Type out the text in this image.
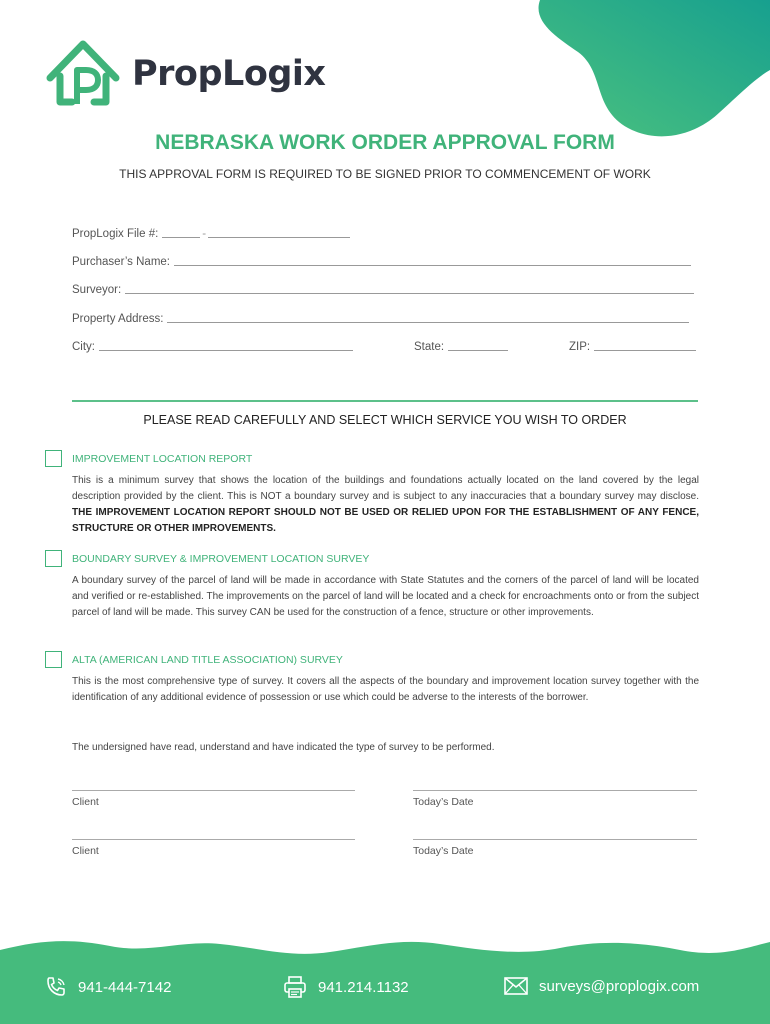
PropLogix
NEBRASKA WORK ORDER APPROVAL FORM
THIS APPROVAL FORM IS REQUIRED TO BE SIGNED PRIOR TO COMMENCEMENT OF WORK
PropLogix File #:	-
Purchaser’s Name:
Surveyor:
Property Address:
City:	State:	ZIP:
PLEASE READ CAREFULLY AND SELECT WHICH SERVICE YOU WISH TO ORDER
IMPROVEMENT LOCATION REPORT
This is a minimum survey that shows the location of the buildings and foundations actually located on the land covered by the legal description provided by the client. This is NOT a boundary survey and is subject to any inaccuracies that a boundary survey may disclose. THE IMPROVEMENT LOCATION REPORT SHOULD NOT BE USED OR RELIED UPON FOR THE ESTABLISHMENT OF ANY FENCE, STRUCTURE OR OTHER IMPROVEMENTS.
BOUNDARY SURVEY & IMPROVEMENT LOCATION SURVEY
A boundary survey of the parcel of land will be made in accordance with State Statutes and the corners of the parcel of land will be located and verified or re-established. The improvements on the parcel of land will be located and a check for encroachments onto or from the subject parcel of land will be made. This survey CAN be used for the construction of a fence, structure or other improvements.
ALTA (AMERICAN LAND TITLE ASSOCIATION) SURVEY
This is the most comprehensive type of survey. It covers all the aspects of the boundary and improvement location survey together with the identification of any additional evidence of possession or use which could be adverse to the interests of the borrower.
The undersigned have read, understand and have indicated the type of survey to be performed.
Client	Today’s Date
Client	Today’s Date
941-444-7142	941.214.1132	surveys@proplogix.com
